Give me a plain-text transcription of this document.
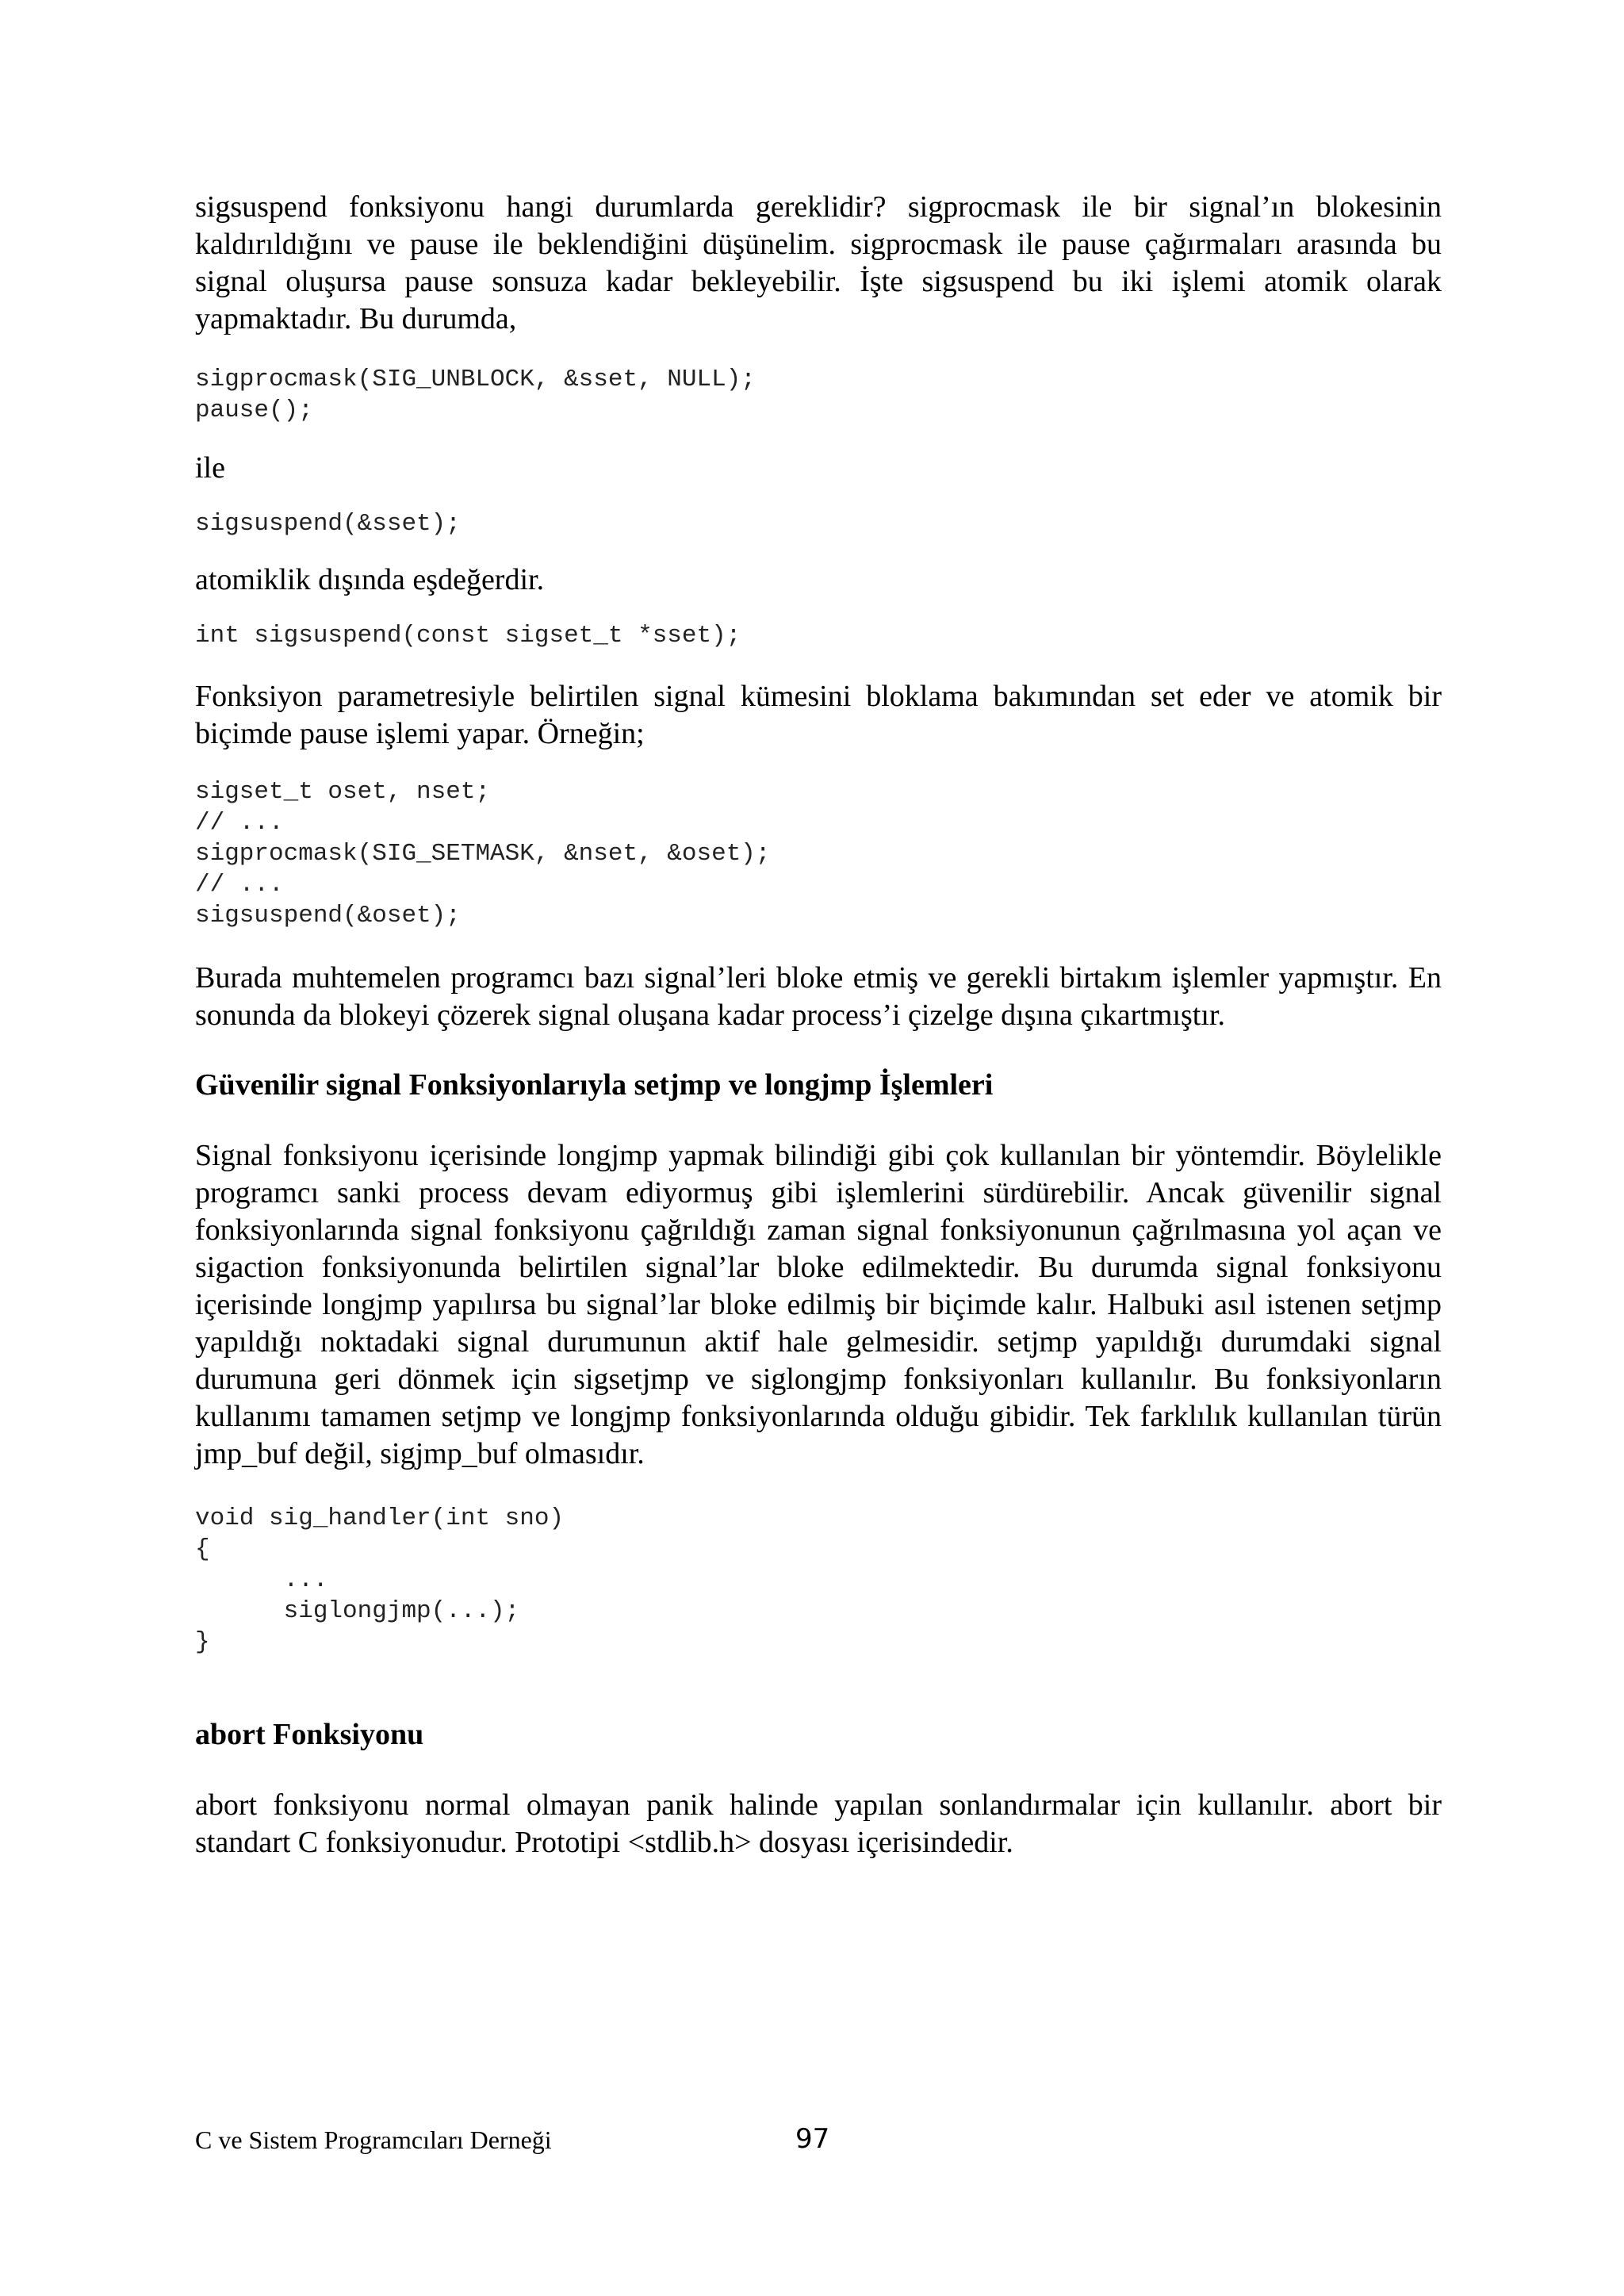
sigsuspend fonksiyonu hangi durumlarda gereklidir? sigprocmask ile bir signal’ın blokesinin kaldırıldığını ve pause ile beklendiğini düşünelim. sigprocmask ile pause çağırmaları arasında bu signal oluşursa pause sonsuza kadar bekleyebilir. İşte sigsuspend bu iki işlemi atomik olarak yapmaktadır. Bu durumda,

sigprocmask(SIG_UNBLOCK, &sset, NULL);
pause();

ile

sigsuspend(&sset);

atomiklik dışında eşdeğerdir.

int sigsuspend(const sigset_t *sset);

Fonksiyon parametresiyle belirtilen signal kümesini bloklama bakımından set eder ve atomik bir biçimde pause işlemi yapar. Örneğin;

sigset_t oset, nset;
// ...
sigprocmask(SIG_SETMASK, &nset, &oset);
// ...
sigsuspend(&oset);

Burada muhtemelen programcı bazı signal’leri bloke etmiş ve gerekli birtakım işlemler yapmıştır. En sonunda da blokeyi çözerek signal oluşana kadar process’i çizelge dışına çıkartmıştır.

Güvenilir signal Fonksiyonlarıyla setjmp ve longjmp İşlemleri

Signal fonksiyonu içerisinde longjmp yapmak bilindiği gibi çok kullanılan bir yöntemdir. Böylelikle programcı sanki process devam ediyormuş gibi işlemlerini sürdürebilir. Ancak güvenilir signal fonksiyonlarında signal fonksiyonu çağrıldığı zaman signal fonksiyonunun çağrılmasına yol açan ve sigaction fonksiyonunda belirtilen signal’lar bloke edilmektedir. Bu durumda signal fonksiyonu içerisinde longjmp yapılırsa bu signal’lar bloke edilmiş bir biçimde kalır. Halbuki asıl istenen setjmp yapıldığı noktadaki signal durumunun aktif hale gelmesidir. setjmp yapıldığı durumdaki signal durumuna geri dönmek için sigsetjmp ve siglongjmp fonksiyonları kullanılır. Bu fonksiyonların kullanımı tamamen setjmp ve longjmp fonksiyonlarında olduğu gibidir. Tek farklılık kullanılan türün jmp_buf değil, sigjmp_buf olmasıdır.

void sig_handler(int sno)
{
...
siglongjmp(...);
}

abort Fonksiyonu

abort fonksiyonu normal olmayan panik halinde yapılan sonlandırmalar için kullanılır. abort bir standart C fonksiyonudur. Prototipi <stdlib.h> dosyası içerisindedir.

C ve Sistem Programcıları Derneği	97
